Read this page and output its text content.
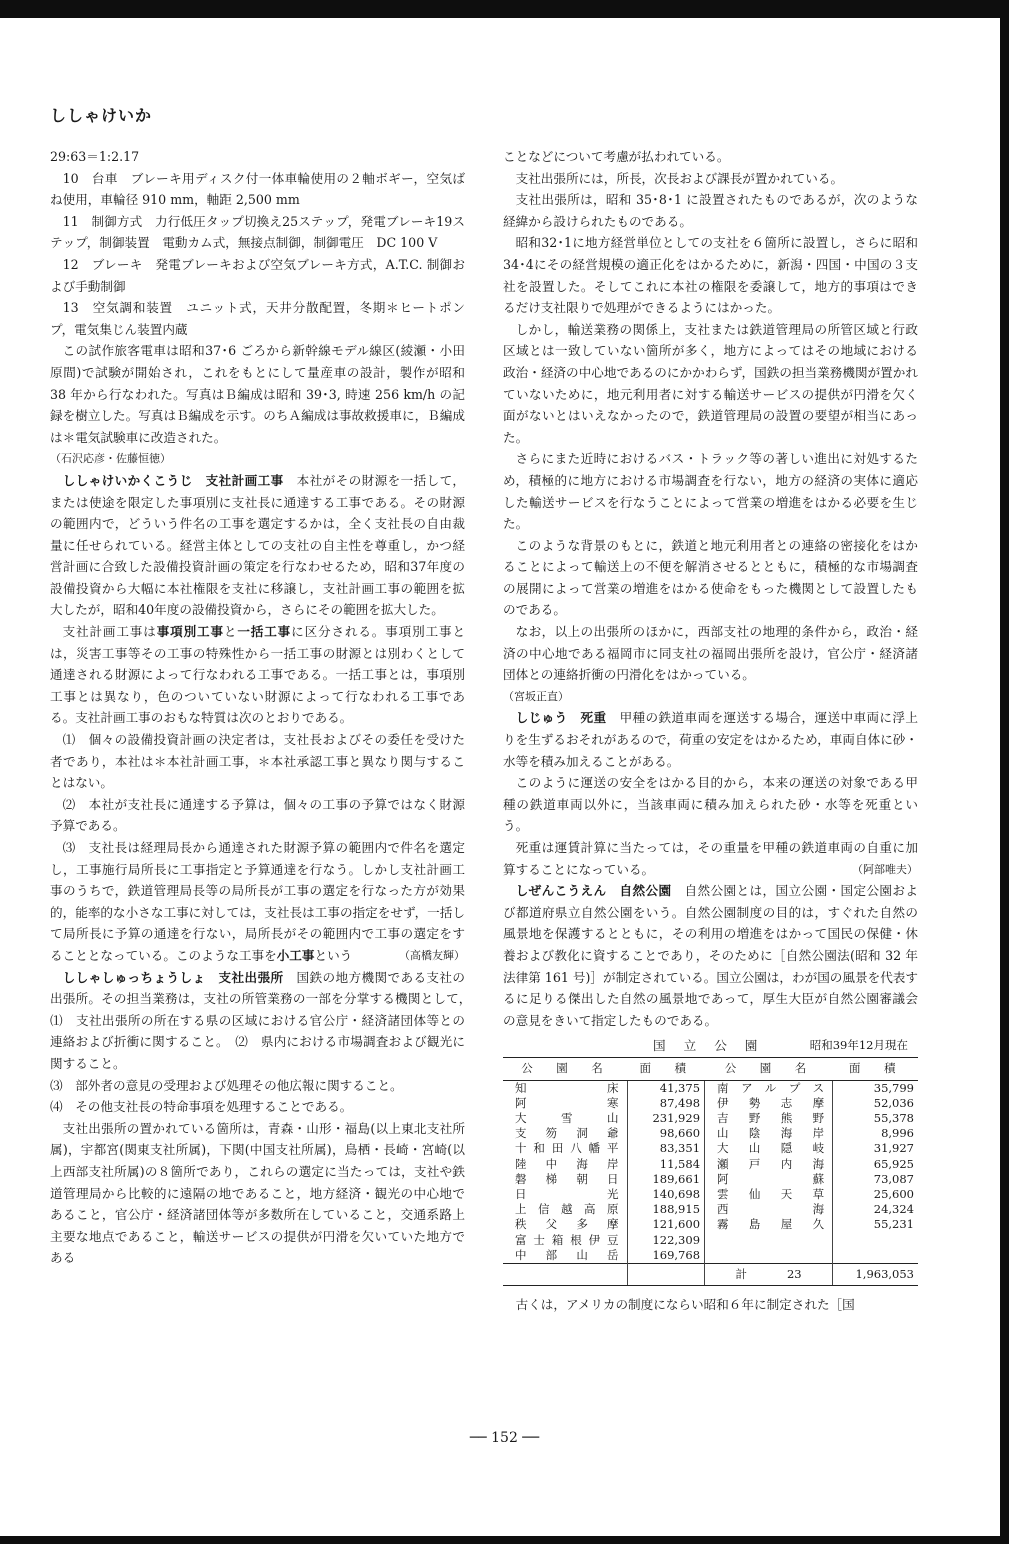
ししゃけいか

29:63＝1:2.17

10　台車　ブレーキ用ディスク付一体車輪使用の２軸ボギー，空気ばね使用，車輪径 910 mm，軸距 2,500 mm

11　制御方式　力行低圧タップ切換え25ステップ，発電ブレーキ19ステップ，制御装置　電動カム式，無接点制御，制御電圧　DC 100 V

12　ブレーキ　発電ブレーキおよび空気ブレーキ方式，A.T.C. 制御および手動制御

13　空気調和装置　ユニット式，天井分散配置，冬期＊ヒートポンプ，電気集じん装置内蔵

この試作旅客電車は昭和37･6 ごろから新幹線モデル線区(綾瀬・小田原間)で試験が開始され，これをもとにして量産車の設計，製作が昭和 38 年から行なわれた。写真はＢ編成は昭和 39･3, 時速 256 km/h の記録を樹立した。写真はＢ編成を示す。のちＡ編成は事故救援車に，Ｂ編成は＊電気試験車に改造された。

（石沢応彦・佐藤恒徳）

ししゃけいかくこうじ　支社計画工事　 本社がその財源を一括して，または使途を限定した事項別に支社長に通達する工事である。その財源の範囲内で，どういう件名の工事を選定するかは，全く支社長の自由裁量に任せられている。経営主体としての支社の自主性を尊重し，かつ経営計画に合致した設備投資計画の策定を行なわせるため，昭和37年度の設備投資から大幅に本社権限を支社に移譲し，支社計画工事の範囲を拡大したが，昭和40年度の設備投資から，さらにその範囲を拡大した。

支社計画工事は事項別工事と一括工事に区分される。事項別工事とは，災害工事等その工事の特殊性から一括工事の財源とは別わくとして通達される財源によって行なわれる工事である。一括工事とは，事項別工事とは異なり，色のついていない財源によって行なわれる工事である。支社計画工事のおもな特質は次のとおりである。

⑴　個々の設備投資計画の決定者は，支社長およびその委任を受けた者であり，本社は＊本社計画工事，＊本社承認工事と異なり関与することはない。

⑵　本社が支社長に通達する予算は，個々の工事の予算ではなく財源予算である。

⑶　支社長は経理局長から通達された財源予算の範囲内で件名を選定し，工事施行局所長に工事指定と予算通達を行なう。しかし支社計画工事のうちで，鉄道管理局長等の局所長が工事の選定を行なった方が効果的，能率的な小さな工事に対しては，支社長は工事の指定をせず，一括して局所長に予算の通達を行ない，局所長がその範囲内で工事の選定をすることとなっている。このような工事を小工事という	（高橋友輝）

ししゃしゅっちょうしょ　支社出張所　 国鉄の地方機関である支社の出張所。その担当業務は，支社の所管業務の一部を分掌する機関として，　⑴　支社出張所の所在する県の区域における官公庁・経済諸団体等との連絡および折衝に関すること。　⑵　県内における市場調査および観光に関すること。

⑶　部外者の意見の受理および処理その他広報に関すること。

⑷　その他支社長の特命事項を処理することである。

支社出張所の置かれている箇所は，青森・山形・福島(以上東北支社所属)，宇都宮(関東支社所属)，下関(中国支社所属)，鳥栖・長崎・宮崎(以上西部支社所属)の８箇所であり，これらの選定に当たっては，支社や鉄道管理局から比較的に遠隔の地であること，地方経済・観光の中心地であること，官公庁・経済諸団体等が多数所在していること，交通系路上主要な地点であること，輸送サービスの提供が円滑を欠いていた地方である

ことなどについて考慮が払われている。

支社出張所には，所長，次長および課長が置かれている。

支社出張所は，昭和 35･8･1 に設置されたものであるが，次のような経緯から設けられたものである。

昭和32･1に地方経営単位としての支社を６箇所に設置し，さらに昭和34･4にその経営規模の適正化をはかるために，新潟・四国・中国の３支社を設置した。そしてこれに本社の権限を委譲して，地方的事項はできるだけ支社限りで処理ができるようにはかった。

しかし，輸送業務の関係上，支社または鉄道管理局の所管区域と行政区域とは一致していない箇所が多く，地方によってはその地域における政治・経済の中心地であるのにかかわらず，国鉄の担当業務機関が置かれていないために，地元利用者に対する輸送サービスの提供が円滑を欠く面がないとはいえなかったので，鉄道管理局の設置の要望が相当にあった。

さらにまた近時におけるバス・トラック等の著しい進出に対処するため，積極的に地方における市場調査を行ない，地方の経済の実体に適応した輸送サービスを行なうことによって営業の増進をはかる必要を生じた。

このような背景のもとに，鉄道と地元利用者との連絡の密接化をはかることによって輸送上の不便を解消させるとともに，積極的な市場調査の展開によって営業の増進をはかる使命をもった機関として設置したものである。

なお，以上の出張所のほかに，西部支社の地理的条件から，政治・経済の中心地である福岡市に同支社の福岡出張所を設け，官公庁・経済諸団体との連絡折衝の円滑化をはかっている。

（宮坂正直）

しじゅう　死重　 甲種の鉄道車両を運送する場合，運送中車両に浮上りを生ずるおそれがあるので，荷重の安定をはかるため，車両自体に砂・水等を積み加えることがある。

このように運送の安全をはかる目的から，本来の運送の対象である甲種の鉄道車両以外に，当該車両に積み加えられた砂・水等を死重という。

死重は運賃計算に当たっては，その重量を甲種の鉄道車両の自重に加算することになっている。	（阿部唯夫）

しぜんこうえん　自然公園　 自然公園とは，国立公園・国定公園および都道府県立自然公園をいう。自然公園制度の目的は，すぐれた自然の風景地を保護するとともに，その利用の増進をはかって国民の保健・休養および教化に資することであり，そのために［自然公園法(昭和 32 年法律第 161 号)］が制定されている。国立公園は，わが国の風景を代表するに足りる傑出した自然の風景地であって，厚生大臣が自然公園審議会の意見をきいて指定したものである。

国 立 公 園	昭和39年12月現在
公　園　名	面　積	公　園　名	面　積
知床	41,375	南アルプス	35,799
阿寒	87,498	伊勢志摩	52,036
大雪山	231,929	吉野熊野	55,378
支笏洞爺	98,660	山陰海岸	8,996
十和田八幡平	83,351	大山隠岐	31,927
陸中海岸	11,584	瀬戸内海	65,925
磐梯朝日	189,661	阿蘇	73,087
日光	140,698	雲仙天草	25,600
上信越高原	188,915	西海	24,324
秩父多摩	121,600	霧島屋久	55,231
富士箱根伊豆	122,309		
中部山岳	169,768		
		計 23	1,963,053

古くは，アメリカの制度にならい昭和６年に制定された［国

── 152 ──
